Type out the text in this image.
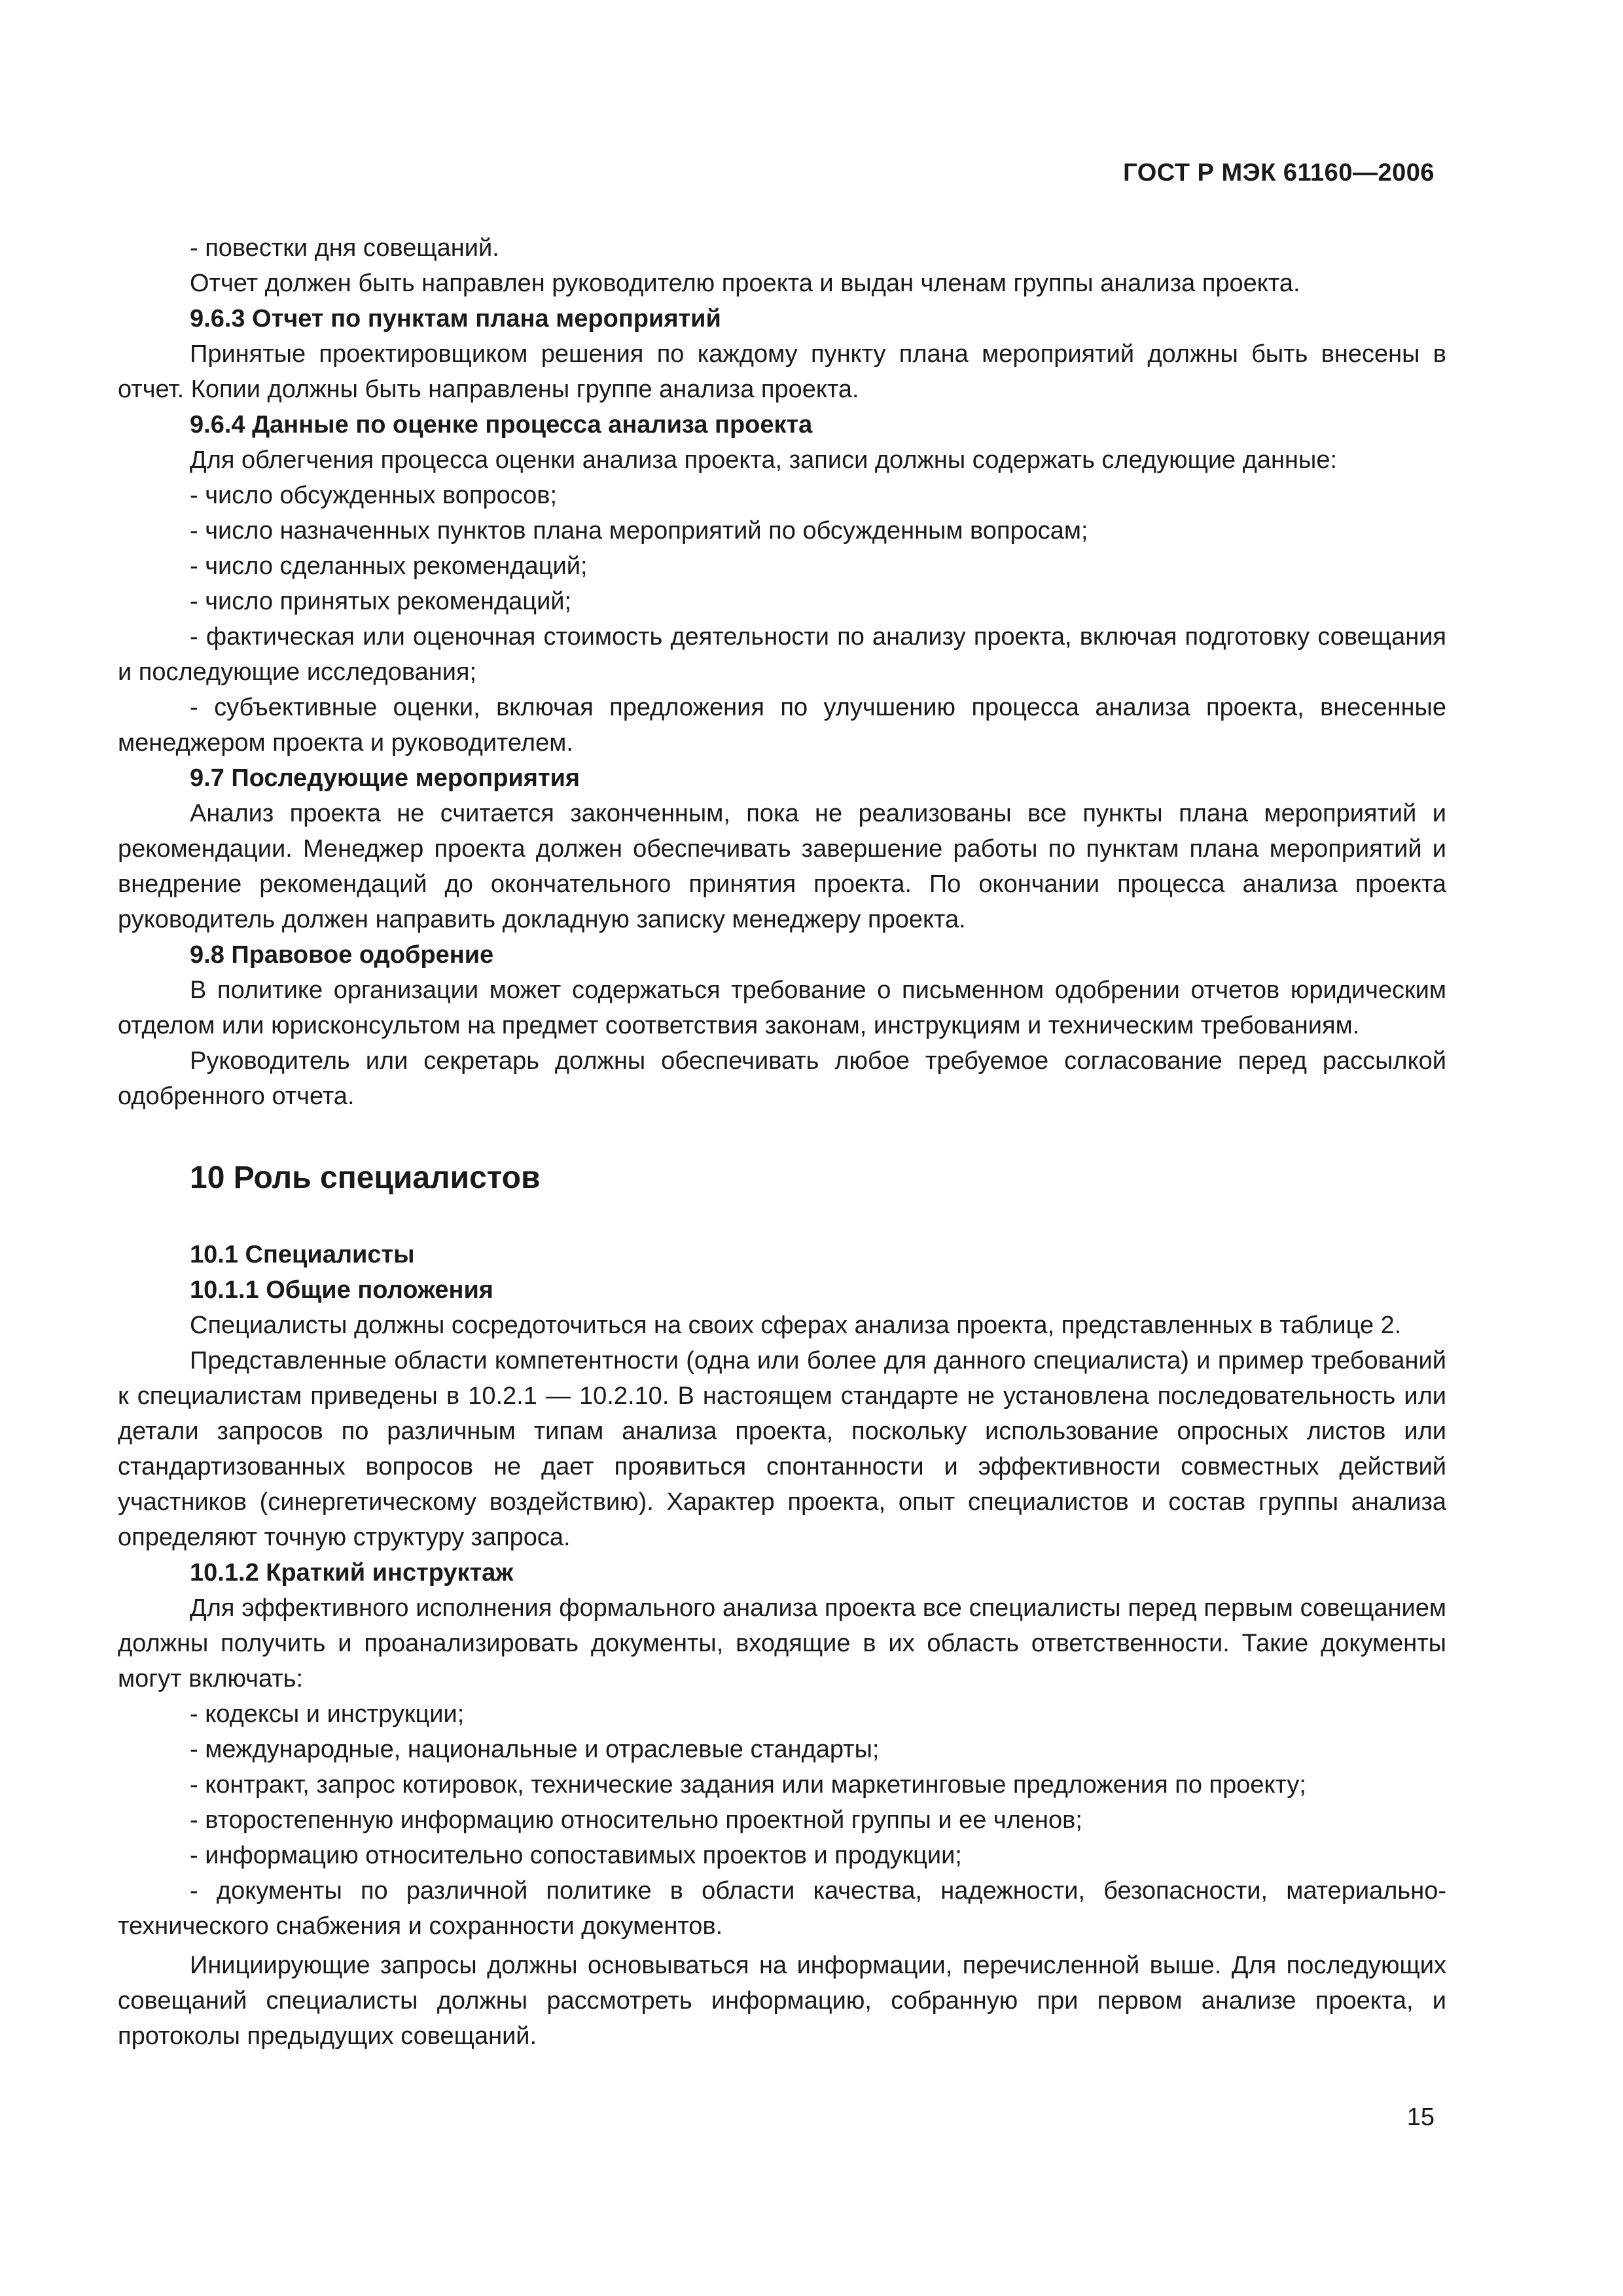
ГОСТ Р МЭК 61160—2006

- повестки дня совещаний.

Отчет должен быть направлен руководителю проекта и выдан членам группы анализа проекта.

9.6.3 Отчет по пунктам плана мероприятий

Принятые проектировщиком решения по каждому пункту плана мероприятий должны быть внесены в отчет. Копии должны быть направлены группе анализа проекта.

9.6.4 Данные по оценке процесса анализа проекта

Для облегчения процесса оценки анализа проекта, записи должны содержать следующие данные:

- число обсужденных вопросов;

- число назначенных пунктов плана мероприятий по обсужденным вопросам;

- число сделанных рекомендаций;

- число принятых рекомендаций;

- фактическая или оценочная стоимость деятельности по анализу проекта, включая подготовку совещания и последующие исследования;

- субъективные оценки, включая предложения по улучшению процесса анализа проекта, внесенные менеджером проекта и руководителем.

9.7 Последующие мероприятия

Анализ проекта не считается законченным, пока не реализованы все пункты плана мероприятий и рекомендации. Менеджер проекта должен обеспечивать завершение работы по пунктам плана мероприятий и внедрение рекомендаций до окончательного принятия проекта. По окончании процесса анализа проекта руководитель должен направить докладную записку менеджеру проекта.

9.8 Правовое одобрение

В политике организации может содержаться требование о письменном одобрении отчетов юридическим отделом или юрисконсультом на предмет соответствия законам, инструкциям и техническим требованиям.

Руководитель или секретарь должны обеспечивать любое требуемое согласование перед рассылкой одобренного отчета.

10 Роль специалистов
10.1 Специалисты
10.1.1 Общие положения

Специалисты должны сосредоточиться на своих сферах анализа проекта, представленных в таблице 2.

Представленные области компетентности (одна или более для данного специалиста) и пример требований к специалистам приведены в 10.2.1 — 10.2.10. В настоящем стандарте не установлена последовательность или детали запросов по различным типам анализа проекта, поскольку использование опросных листов или стандартизованных вопросов не дает проявиться спонтанности и эффективности совместных действий участников (синергетическому воздействию). Характер проекта, опыт специалистов и состав группы анализа определяют точную структуру запроса.

10.1.2 Краткий инструктаж

Для эффективного исполнения формального анализа проекта все специалисты перед первым совещанием должны получить и проанализировать документы, входящие в их область ответственности. Такие документы могут включать:

- кодексы и инструкции;

- международные, национальные и отраслевые стандарты;

- контракт, запрос котировок, технические задания или маркетинговые предложения по проекту;

- второстепенную информацию относительно проектной группы и ее членов;

- информацию относительно сопоставимых проектов и продукции;

- документы по различной политике в области качества, надежности, безопасности, материально-технического снабжения и сохранности документов.

Инициирующие запросы должны основываться на информации, перечисленной выше. Для последующих совещаний специалисты должны рассмотреть информацию, собранную при первом анализе проекта, и протоколы предыдущих совещаний.

15
